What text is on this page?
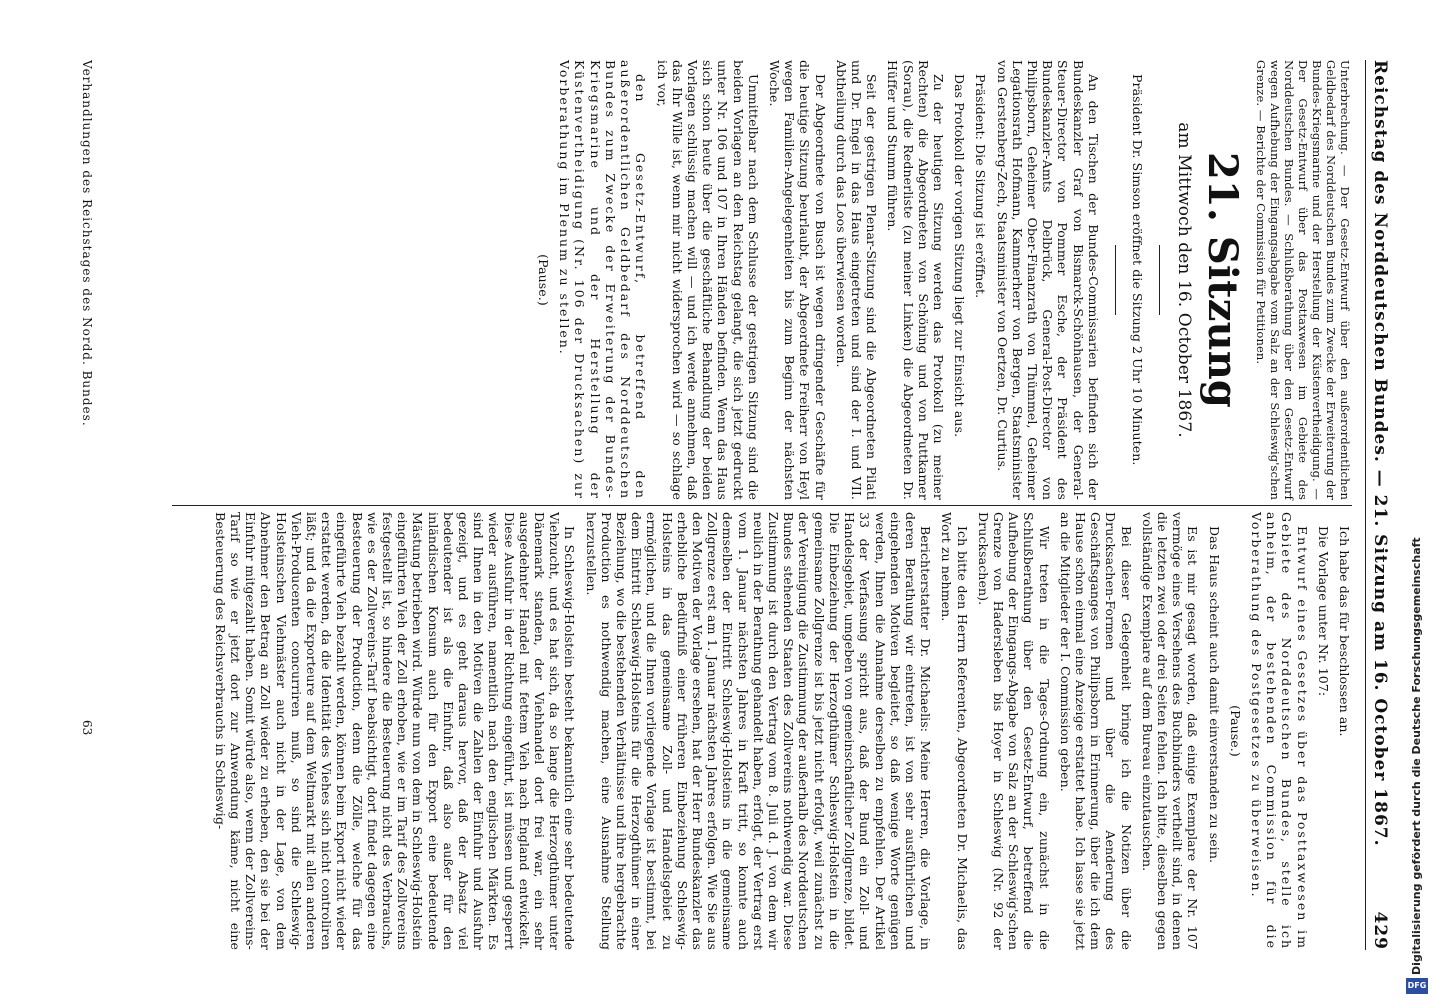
Reichstag des Norddeutschen Bundes. — 21. Sitzung am 16. October 1867.
429

Unterbrechung. — Der Gesetz-Entwurf über den außerordentlichen Geldbedarf des Norddeutschen Bundes zum Zwecke der Erweiterung der Bundes-Kriegsmarine und der Herstellung der Küstenvertheidigung. — Der Gesetz-Entwurf über das Posttaxwesen im Gebiete des Norddeutschen Bundes. — Schlußberathung über den Gesetz-Entwurf wegen Aufhebung der Eingangsabgabe vom Salz an der Schleswig'schen Grenze. — Berichte der Commission für Petitionen.

21. Sitzung
am Mittwoch den 16. October 1867.

Präsident Dr. Simson eröffnet die Sitzung 2 Uhr 10 Minuten.

An den Tischen der Bundes-Commissarien befinden sich der Bundeskanzler Graf von Bismarck-Schönhausen, der General-Steuer-Director von Pommer Esche, der Präsident des Bundeskanzler-Amts Delbrück, General-Post-Director von Philipsborn, Geheimer Ober-Finanzrath von Thümmel, Geheimer Legationsrath Hofmann, Kammerherr von Bergen, Staatsminister von Gerstenberg-Zech, Staatsminister von Oertzen, Dr. Curtius.

Präsident: Die Sitzung ist eröffnet.

Das Protokoll der vorigen Sitzung liegt zur Einsicht aus.

Zu der heutigen Sitzung werden das Protokoll (zu meiner Rechten) die Abgeordneten von Schöning und von Puttkamer (Sorau), die Rednerliste (zu meiner Linken) die Abgeordneten Dr. Hüffer und Stumm führen.

Seit der gestrigen Plenar-Sitzung sind die Abgeordneten Pilati und Dr. Engel in das Haus eingetreten und sind der I. und VII. Abtheilung durch das Loos überwiesen worden.

Der Abgeordnete von Busch ist wegen dringender Geschäfte für die heutige Sitzung beurlaubt, der Abgeordnete Freiherr von Heyl wegen Familien-Angelegenheiten bis zum Beginn der nächsten Woche.

Unmittelbar nach dem Schlusse der gestrigen Sitzung sind die beiden Vorlagen an den Reichstag gelangt, die sich jetzt gedruckt unter Nr. 106 und 107 in Ihren Händen befinden. Wenn das Haus sich schon heute über die geschäftliche Behandlung der beiden Vorlagen schlüssig machen will — und ich werde annehmen, daß das Ihr Wille ist, wenn mir nicht widersprochen wird — so schlage ich vor,

den Gesetz-Entwurf, betreffend den außerordentlichen Geldbedarf des Norddeutschen Bundes zum Zwecke der Erweiterung der Bundes-Kriegsmarine und der Herstellung der Küstenvertheidigung (Nr. 106 der Drucksachen) zur Vorberathung im Plenum zu stellen.

(Pause.)

Ich habe das für beschlossen an.

Die Vorlage unter Nr. 107:

Entwurf eines Gesetzes über das Posttaxwesen im Gebiete des Norddeutschen Bundes, stelle ich anheim, der bestehenden Commission für die Vorberathung des Postgesetzes zu überweisen.

(Pause.)

Das Haus scheint auch damit einverstanden zu sein.

Es ist mir gesagt worden, daß einige Exemplare der Nr. 107 vermöge eines Versehens des Buchbinders vertheilt sind, in denen die letzten zwei oder drei Seiten fehlen. Ich bitte, dieselben gegen vollständige Exemplare auf dem Bureau einzutauschen.

Bei dieser Gelegenheit bringe ich die Notizen über die Drucksachen-Formen und über die Aenderung des Geschäftsganges von Philipsborn in Erinnerung, über die ich dem Hause schon einmal eine Anzeige erstattet habe. Ich lasse sie jetzt an die Mitglieder der I. Commission geben.

Wir treten in die Tages-Ordnung ein, zunächst in die Schlußberathung über den Gesetz-Entwurf, betreffend die Aufhebung der Eingangs-Abgabe von Salz an der Schleswig'schen Grenze von Hadersleben bis Hoyer in Schleswig (Nr. 92 der Drucksachen).

Ich bitte den Herrn Referenten, Abgeordneten Dr. Michaelis, das Wort zu nehmen.

Berichterstatter Dr. Michaelis: Meine Herren, die Vorlage, in deren Berathung wir eintreten, ist von sehr ausführlichen und eingehenden Motiven begleitet, so daß wenige Worte genügen werden, Ihnen die Annahme derselben zu empfehlen. Der Artikel 33 der Verfassung spricht aus, daß der Bund ein Zoll- und Handelsgebiet, umgeben von gemeinschaftlicher Zollgrenze, bildet. Die Einbeziehung der Herzogthümer Schleswig-Holstein in die gemeinsame Zollgrenze ist bis jetzt nicht erfolgt, weil zunächst zu der Vereinigung die Zustimmung der außerhalb des Norddeutschen Bundes stehenden Staaten des Zollvereins nothwendig war. Diese Zustimmung ist durch den Vertrag vom 8. Juli d. J. von dem wir neulich in der Berathung gehandelt haben, erfolgt, der Vertrag erst vom 1. Januar nächsten Jahres in Kraft tritt, so konnte auch demselben der Eintritt Schleswig-Holsteins in die gemeinsame Zollgrenze erst am 1. Januar nächsten Jahres erfolgen. Wie Sie aus den Motiven der Vorlage ersehen, hat der Herr Bundeskanzler das erhebliche Bedürfniß einer früheren Einbeziehung Schleswig-Holsteins in das gemeinsame Zoll- und Handelsgebiet zu ermöglichen, und die Ihnen vorliegende Vorlage ist bestimmt, bei dem Eintritt Schleswig-Holsteins für die Herzogthümer in einer Beziehung, wo die bestehenden Verhältnisse und ihre hergebrachte Production es nothwendig machen, eine Ausnahme Stellung herzustellen.

In Schleswig-Holstein besteht bekanntlich eine sehr bedeutende Viehzucht, und es hat sich, da so lange die Herzogthümer unter Dänemark standen, der Viehhandel dort frei war, ein sehr ausgedehnter Handel mit fettem Vieh nach England entwickelt. Diese Ausfuhr in der Richtung eingeführt, ist müssen und gesperrt wieder ausführen, namentlich nach den englischen Märkten. Es sind Ihnen in den Motiven die Zahlen der Einfuhr und Ausfuhr gezeigt, und es geht daraus hervor, daß der Absatz viel bedeutender ist als die Einfuhr, daß also außer für den inländischen Konsum auch für den Export eine bedeutende Mästung betrieben wird. Würde nun von dem in Schleswig-Holstein eingeführten Vieh der Zoll erhoben, wie er im Tarif des Zollvereins festgestellt ist, so hindere die Besteuerung nicht des Verbrauchs, wie es der Zollvereins-Tarif beabsichtigt, dort findet dagegen eine Besteuerung der Production, denn die Zölle, welche für das eingeführte Vieh bezahlt werden, können beim Export nicht wieder erstattet werden, da die Identität des Viehes sich nicht controliren läßt; und da die Exporteure auf dem Weltmarkt mit allen anderen Vieh-Producenten concurriren muß, so sind die Schleswig-Holsteinschen Viehmäster auch nicht in der Lage, von dem Abnehmer den Betrag an Zoll wieder zu erheben, den sie bei der Einfuhr mitgezahlt haben. Somit würde also, wenn der Zollvereins-Tarif so wie er jetzt dort zur Anwendung käme, nicht eine Besteuerung des Reichsverbrauchs in Schleswig-

Verhandlungen des Reichstages des Nordd. Bundes.
63	Digitalisierung gefördert durch die Deutsche Forschungsgemeinschaft
DFG
